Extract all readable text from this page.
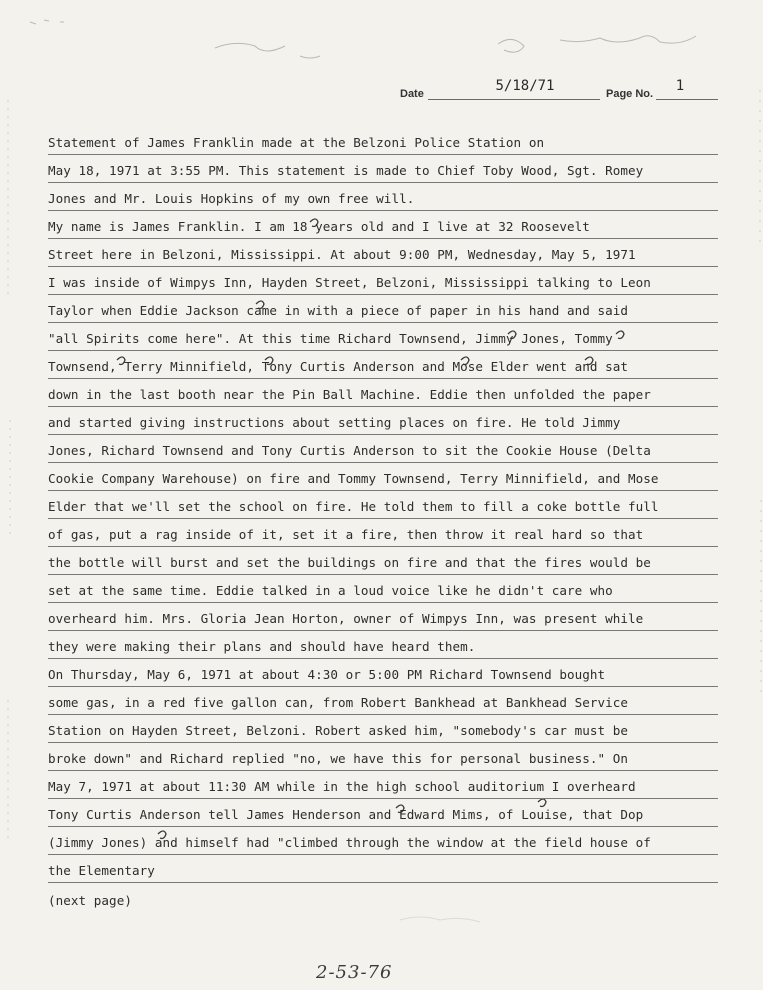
Date	5/18/71	Page No.	1
Statement of James Franklin made at the Belzoni Police Station on
May 18, 1971 at 3:55 PM. This statement is made to Chief Toby Wood, Sgt. Romey
Jones and Mr. Louis Hopkins of my own free will.
My name is James Franklin. I am 18 years old and I live at 32 Roosevelt
Street here in Belzoni, Mississippi. At about 9:00 PM, Wednesday, May 5, 1971
I was inside of Wimpys Inn, Hayden Street, Belzoni, Mississippi talking to Leon
Taylor when Eddie Jackson came in with a piece of paper in his hand and said
"all Spirits come here". At this time Richard Townsend, Jimmy Jones, Tommy
Townsend, Terry Minnifield, Tony Curtis Anderson and Mose Elder went and sat
down in the last booth near the Pin Ball Machine. Eddie then unfolded the paper
and started giving instructions about setting places on fire. He told Jimmy
Jones, Richard Townsend and Tony Curtis Anderson to sit the Cookie House (Delta
Cookie Company Warehouse) on fire and Tommy Townsend, Terry Minnifield, and Mose
Elder that we'll set the school on fire. He told them to fill a coke bottle full
of gas, put a rag inside of it, set it a fire, then throw it real hard so that
the bottle will burst and set the buildings on fire and that the fires would be
set at the same time. Eddie talked in a loud voice like he didn't care who
overheard him. Mrs. Gloria Jean Horton, owner of Wimpys Inn, was present while
they were making their plans and should have heard them.
On Thursday, May 6, 1971 at about 4:30 or 5:00 PM Richard Townsend bought
some gas, in a red five gallon can, from Robert Bankhead at Bankhead Service
Station on Hayden Street, Belzoni. Robert asked him, "somebody's car must be
broke down" and Richard replied "no, we have this for personal business." On
May 7, 1971 at about 11:30 AM while in the high school auditorium I overheard
Tony Curtis Anderson tell James Henderson and Edward Mims, of Louise, that Dop
(Jimmy Jones) and himself had "climbed through the window at the field house of
the Elementary
(next page)
2-53-76
